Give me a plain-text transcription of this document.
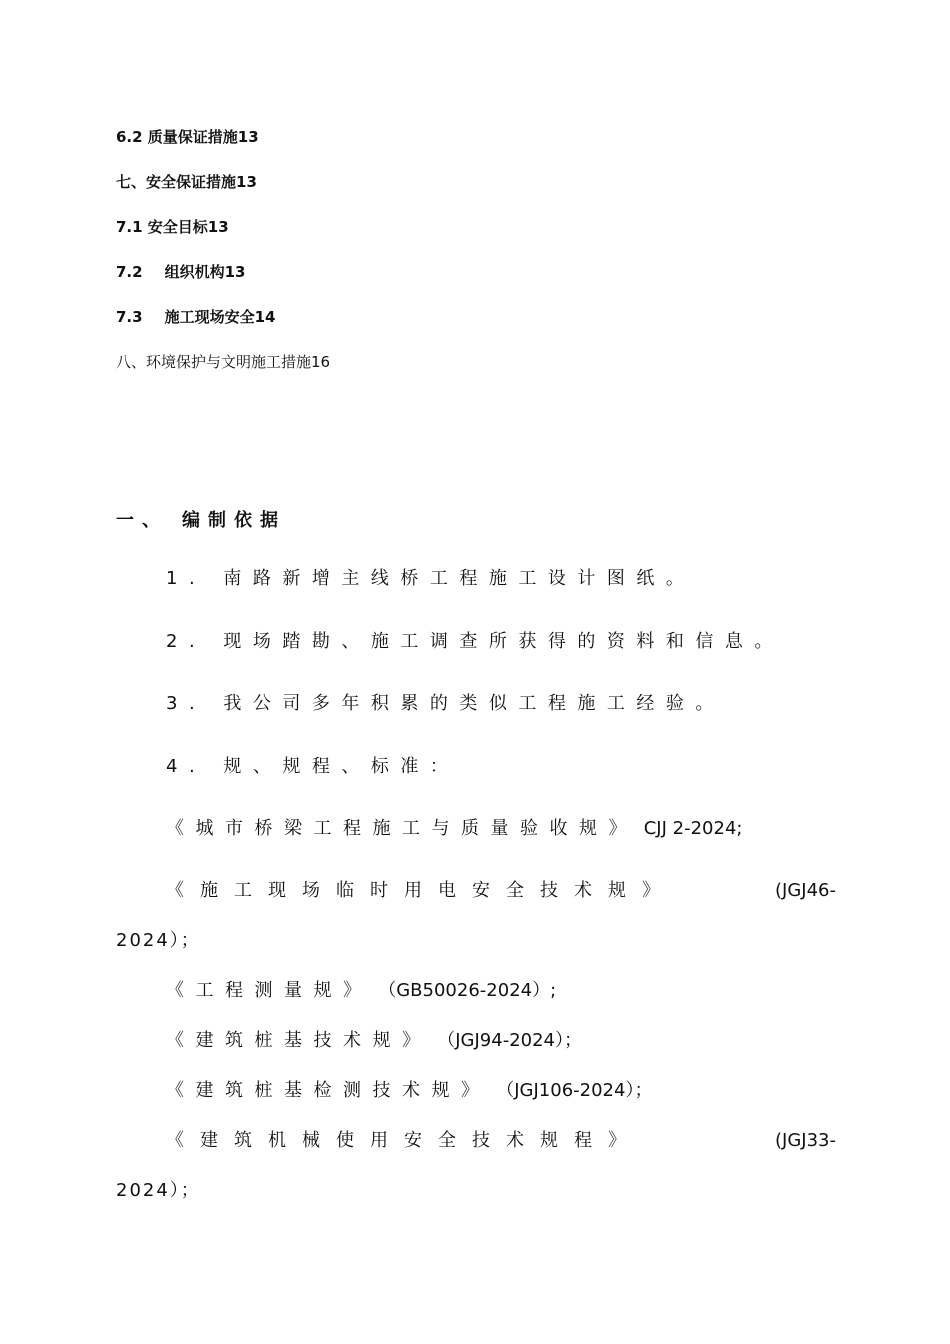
6.2 质量保证措施13
七、安全保证措施13
7.1 安全目标13
7.2 组织机构13
7.3 施工现场安全14
八、环境保护与文明施工措施16
一、 编制依据
1. 南路新增主线桥工程施工设计图纸。
2. 现场踏勘、施工调查所获得的资料和信息。
3. 我公司多年积累的类似工程施工经验。
4. 规、规程、标准：
《城市桥梁工程施工与质量验收规》 CJJ 2-2024;
《施工现场临时用电安全技术规》	(JGJ46-
2024）；
《工程测量规》 （GB50026-2024）;
《建筑桩基技术规》 （JGJ94-2024）；
《建筑桩基检测技术规》 （JGJ106-2024）；
《建筑机械使用安全技术规程》	(JGJ33-
2024）；
